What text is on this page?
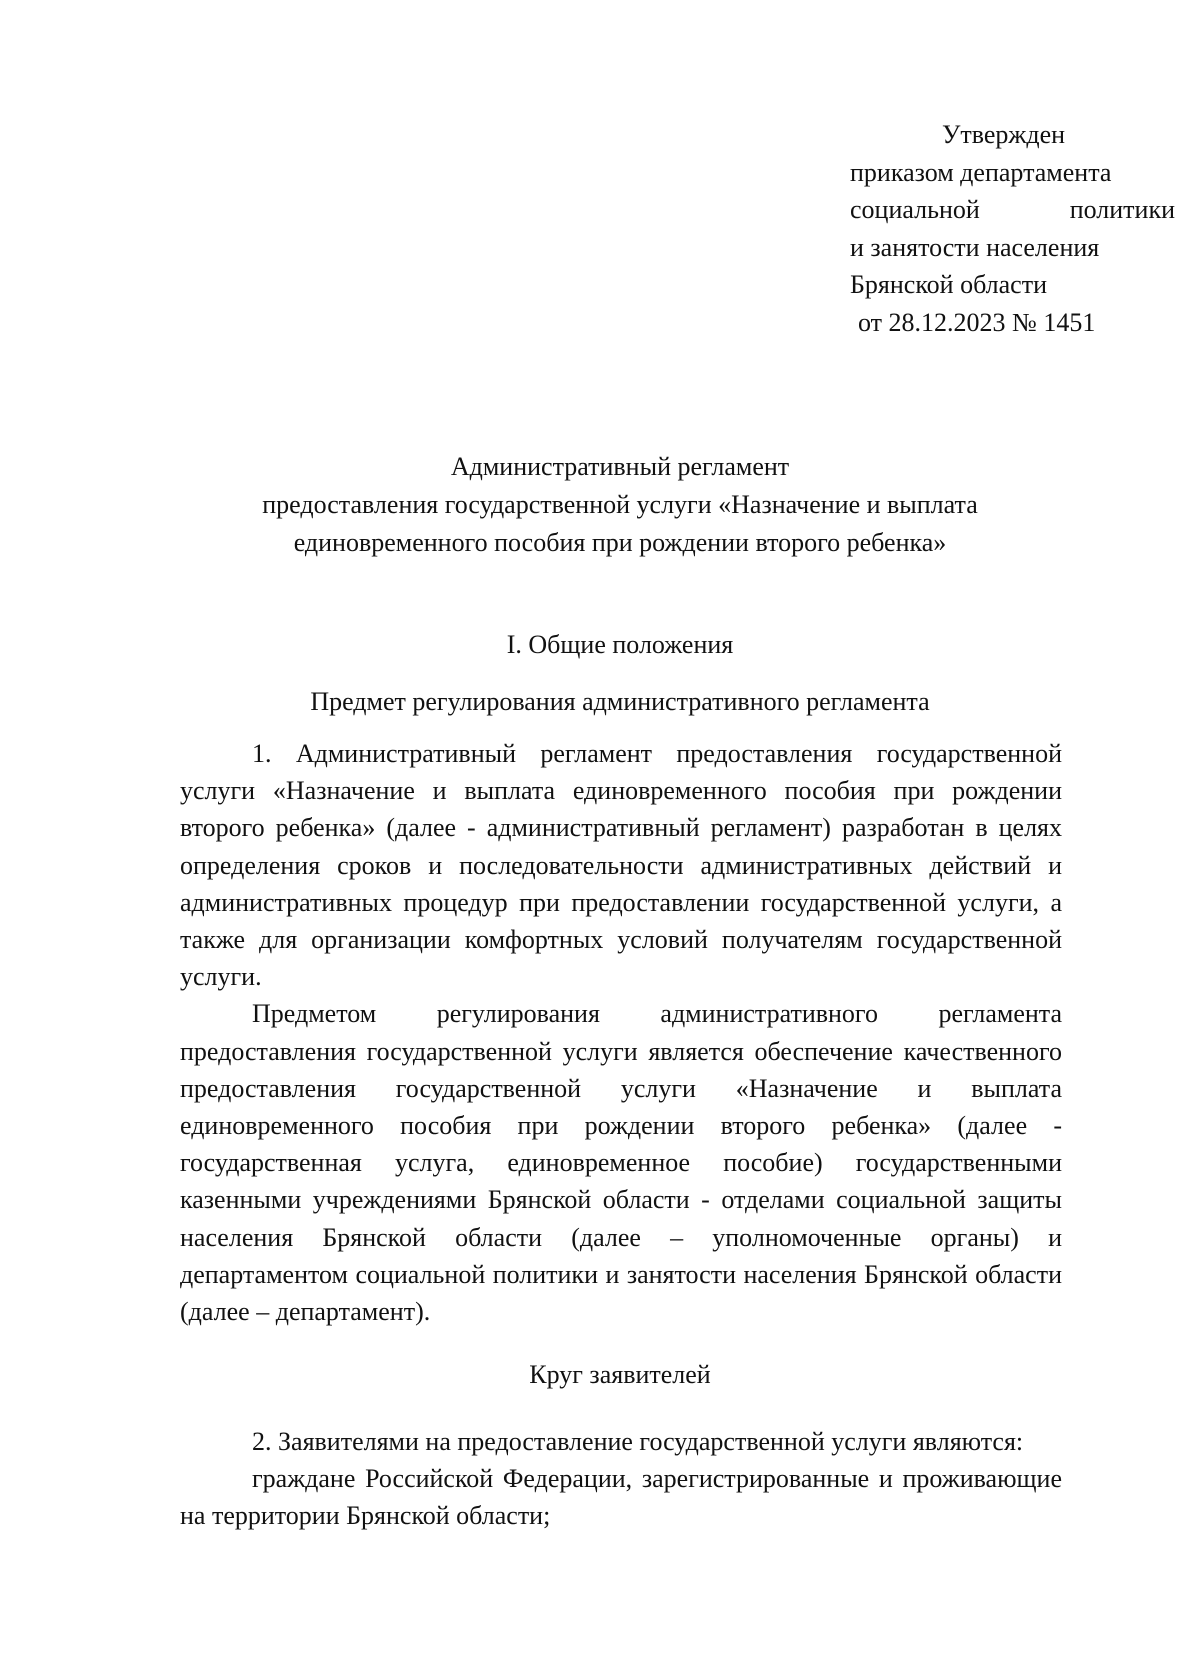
Утвержден
приказом департамента
социальной	политики
и занятости населения
Брянской области
от 28.12.2023 № 1451
Административный регламент
предоставления государственной услуги «Назначение и выплата
единовременного пособия при рождении второго ребенка»
I. Общие положения
Предмет регулирования административного регламента

1. Административный регламент предоставления государственной услуги «Назначение и выплата единовременного пособия при рождении второго ребенка» (далее - административный регламент) разработан в целях определения сроков и последовательности административных действий и административных процедур при предоставлении государственной услуги, а также для организации комфортных условий получателям государственной услуги.

Предметом регулирования административного регламента предоставления государственной услуги является обеспечение качественного предоставления государственной услуги «Назначение и выплата единовременного пособия при рождении второго ребенка» (далее - государственная услуга, единовременное пособие) государственными казенными учреждениями Брянской области - отделами социальной защиты населения Брянской области (далее – уполномоченные органы) и департаментом социальной политики и занятости населения Брянской области (далее – департамент).

Круг заявителей

2. Заявителями на предоставление государственной услуги являются:

граждане Российской Федерации, зарегистрированные и проживающие на территории Брянской области;
